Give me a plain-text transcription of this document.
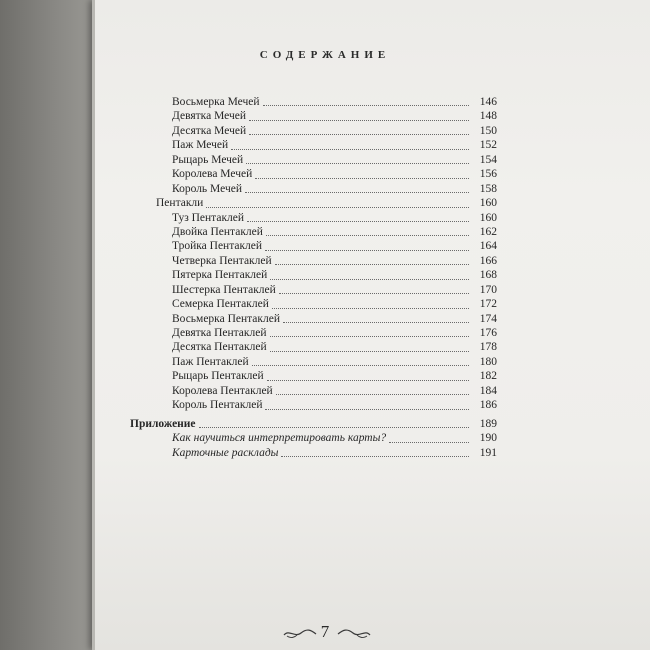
СОДЕРЖАНИЕ
Восьмерка Мечей	146
Девятка Мечей	148
Десятка Мечей	150
Паж Мечей	152
Рыцарь Мечей	154
Королева Мечей	156
Король Мечей	158
Пентакли	160
Туз Пентаклей	160
Двойка Пентаклей	162
Тройка Пентаклей	164
Четверка Пентаклей	166
Пятерка Пентаклей	168
Шестерка Пентаклей	170
Семерка Пентаклей	172
Восьмерка Пентаклей	174
Девятка Пентаклей	176
Десятка Пентаклей	178
Паж Пентаклей	180
Рыцарь Пентаклей	182
Королева Пентаклей	184
Король Пентаклей	186
Приложение	189
Как научиться интерпретировать карты?	190
Карточные расклады	191
7
